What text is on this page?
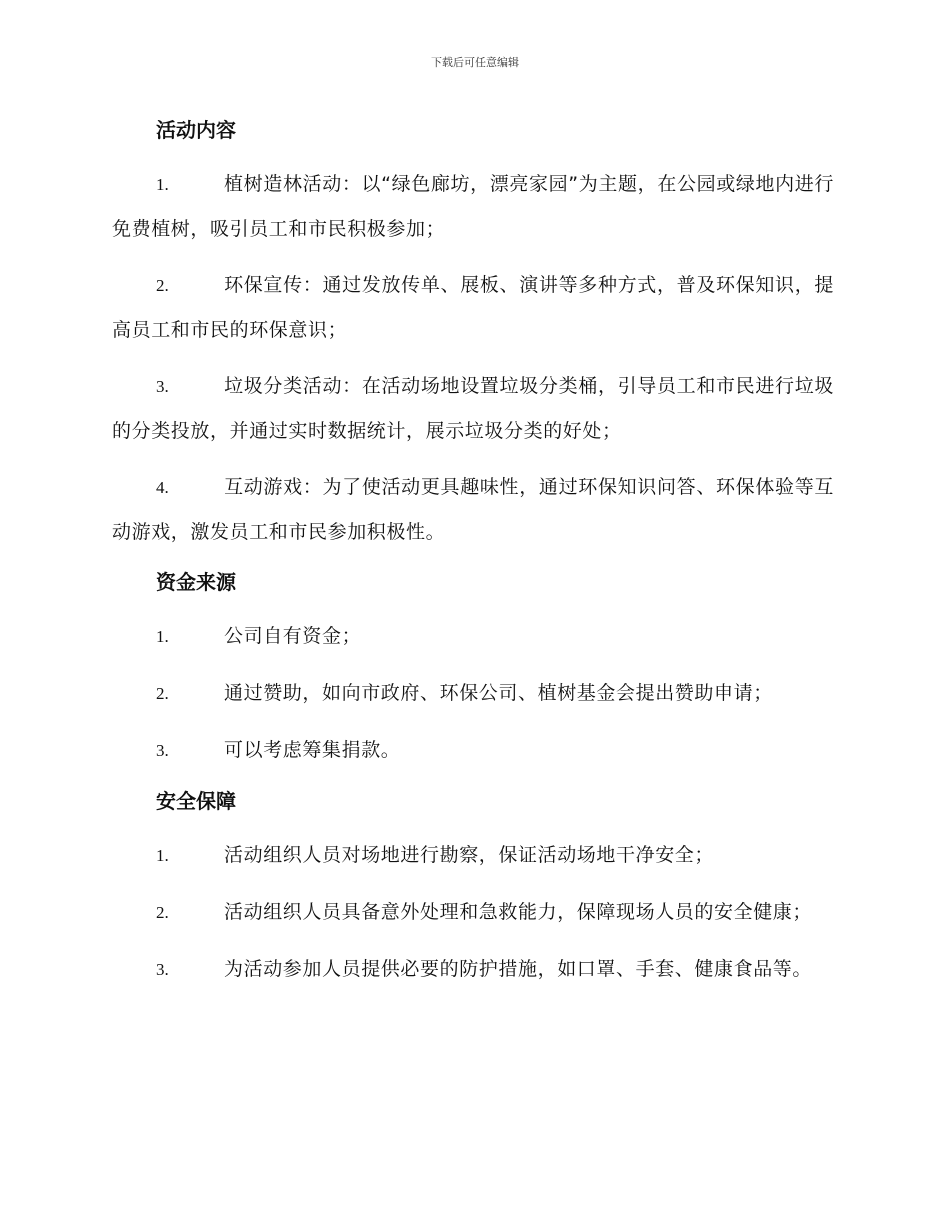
下载后可任意编辑
活动内容

1.	植树造林活动：以“绿色廊坊，漂亮家园”为主题，在公园或绿地内进行免费植树，吸引员工和市民积极参加；

2.	环保宣传：通过发放传单、展板、演讲等多种方式，普及环保知识，提高员工和市民的环保意识；

3.	垃圾分类活动：在活动场地设置垃圾分类桶，引导员工和市民进行垃圾的分类投放，并通过实时数据统计，展示垃圾分类的好处；

4.	互动游戏：为了使活动更具趣味性，通过环保知识问答、环保体验等互动游戏，激发员工和市民参加积极性。

资金来源

1.	公司自有资金；

2.	通过赞助，如向市政府、环保公司、植树基金会提出赞助申请；

3.	可以考虑筹集捐款。

安全保障

1.	活动组织人员对场地进行勘察，保证活动场地干净安全；

2.	活动组织人员具备意外处理和急救能力，保障现场人员的安全健康；

3.	为活动参加人员提供必要的防护措施，如口罩、手套、健康食品等。
